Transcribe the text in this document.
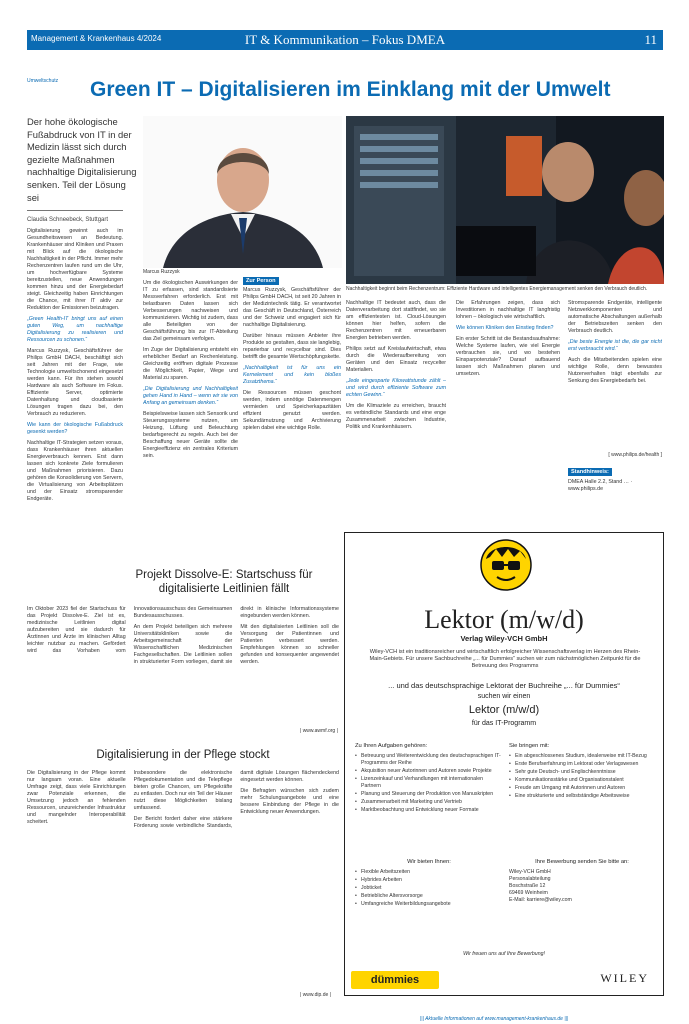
Management & Krankenhaus 4/2024	IT & Kommunikation – Fokus DMEA	11
Umweltschutz Green IT – Digitalisieren im Einklang mit der Umwelt
Der hohe ökologische Fußabdruck von IT in der Medizin lässt sich durch gezielte Maßnahmen nachhaltige Digitalisierung senken. Teil der Lösung sei
Claudia Schneebeck, Stuttgart
Marcus Ruzzysk
Nachhaltigkeit beginnt beim Rechenzentrum: Effiziente Hardware und intelligentes Energiemanagement senken den Verbrauch deutlich.

Digitalisierung gewinnt auch im Gesundheitswesen an Bedeutung. Krankenhäuser sind Kliniken und Praxen mit Blick auf die ökologische Nachhaltigkeit in der Pflicht. Immer mehr Rechenzentren laufen rund um die Uhr, um hochverfügbare Systeme bereitzustellen, neue Anwendungen kommen hinzu und der Energiebedarf steigt. Gleichzeitig haben Einrichtungen die Chance, mit ihrer IT aktiv zur Reduktion der Emissionen beizutragen.

„Green Health-IT bringt uns auf einen guten Weg, um nachhaltige Digitalisierung zu realisieren und Ressourcen zu schonen.“

Marcus Ruzzysk, Geschäftsführer der Philips GmbH DACH, beschäftigt sich seit Jahren mit der Frage, wie Technologie umweltschonend eingesetzt werden kann. Für ihn stehen sowohl Hardware als auch Software im Fokus. Effiziente Server, optimierte Datenhaltung und cloudbasierte Lösungen tragen dazu bei, den Verbrauch zu reduzieren.

Wie kann der ökologische Fußabdruck gesenkt werden?

Nachhaltige IT-Strategien setzen voraus, dass Krankenhäuser ihren aktuellen Energieverbrauch kennen. Erst dann lassen sich konkrete Ziele formulieren und Maßnahmen priorisieren. Dazu gehören die Konsolidierung von Servern, die Virtualisierung von Arbeitsplätzen und der Einsatz stromsparender Endgeräte.

Um die ökologischen Auswirkungen der IT zu erfassen, sind standardisierte Messverfahren erforderlich. Erst mit belastbaren Daten lassen sich Verbesserungen nachweisen und kommunizieren. Wichtig ist zudem, dass alle Beteiligten von der Geschäftsführung bis zur IT-Abteilung das Ziel gemeinsam verfolgen.

Im Zuge der Digitalisierung entsteht ein erheblicher Bedarf an Rechenleistung. Gleichzeitig eröffnen digitale Prozesse die Möglichkeit, Papier, Wege und Material zu sparen.

„Die Digitalisierung und Nachhaltigkeit gehen Hand in Hand – wenn wir sie von Anfang an gemeinsam denken.“

Beispielsweise lassen sich Sensorik und Steuerungssysteme nutzen, um Heizung, Lüftung und Beleuchtung bedarfsgerecht zu regeln. Auch bei der Beschaffung neuer Geräte sollte die Energieeffizienz ein zentrales Kriterium sein.

Zur Person

Marcus Ruzzysk, Geschäftsführer der Philips GmbH DACH, ist seit 20 Jahren in der Medizintechnik tätig. Er verantwortet das Geschäft in Deutschland, Österreich und der Schweiz und engagiert sich für nachhaltige Digitalisierung.

Darüber hinaus müssen Anbieter ihre Produkte so gestalten, dass sie langlebig, reparierbar und recycelbar sind. Dies betrifft die gesamte Wertschöpfungskette.

„Nachhaltigkeit ist für uns ein Kernelement und kein bloßes Zusatzthema.“

Die Ressourcen müssen geschont werden, indem unnötige Datenmengen vermieden und Speicherkapazitäten effizient genutzt werden. Sekundärnutzung und Archivierung spielen dabei eine wichtige Rolle.

Nachhaltige IT bedeutet auch, dass die Datenverarbeitung dort stattfindet, wo sie am effizientesten ist. Cloud-Lösungen können hier helfen, sofern die Rechenzentren mit erneuerbaren Energien betrieben werden.

Philips setzt auf Kreislaufwirtschaft, etwa durch die Wiederaufbereitung von Geräten und den Einsatz recycelter Materialien.

„Jede eingesparte Kilowattstunde zählt – und wird durch effiziente Software zum echten Gewinn.“

Um die Klimaziele zu erreichen, braucht es verbindliche Standards und eine enge Zusammenarbeit zwischen Industrie, Politik und Krankenhäusern.

Die Erfahrungen zeigen, dass sich Investitionen in nachhaltige IT langfristig lohnen – ökologisch wie wirtschaftlich.

Wie können Kliniken den Einstieg finden?

Ein erster Schritt ist die Bestandsaufnahme: Welche Systeme laufen, wie viel Energie verbrauchen sie, und wo bestehen Einsparpotenziale? Darauf aufbauend lassen sich Maßnahmen planen und umsetzen.

Stromsparende Endgeräte, intelligente Netzwerkkomponenten und automatische Abschaltungen außerhalb der Betriebszeiten senken den Verbrauch deutlich.

„Die beste Energie ist die, die gar nicht erst verbraucht wird.“

Auch die Mitarbeitenden spielen eine wichtige Rolle, denn bewusstes Nutzerverhalten trägt ebenfalls zur Senkung des Energiebedarfs bei.

[ www.philips.de/health ]
Standhinweis:
DMEA Halle 2.2, Stand … · www.philips.de
Projekt Dissolve-E: Startschuss für digitalisierte Leitlinien fällt

Im Oktober 2023 fiel der Startschuss für das Projekt Dissolve-E. Ziel ist es, medizinische Leitlinien digital aufzubereiten und sie dadurch für Ärztinnen und Ärzte im klinischen Alltag leichter nutzbar zu machen. Gefördert wird das Vorhaben vom Innovationsausschuss des Gemeinsamen Bundesausschusses.

An dem Projekt beteiligen sich mehrere Universitätskliniken sowie die Arbeitsgemeinschaft der Wissenschaftlichen Medizinischen Fachgesellschaften. Die Leitlinien sollen in strukturierter Form vorliegen, damit sie direkt in klinische Informationssysteme eingebunden werden können.

Mit den digitalisierten Leitlinien soll die Versorgung der Patientinnen und Patienten verbessert werden. Empfehlungen können so schneller gefunden und konsequenter angewendet werden.

| www.awmf.org |
Digitalisierung in der Pflege stockt

Die Digitalisierung in der Pflege kommt nur langsam voran. Eine aktuelle Umfrage zeigt, dass viele Einrichtungen zwar Potenziale erkennen, die Umsetzung jedoch an fehlenden Ressourcen, unzureichender Infrastruktur und mangelnder Interoperabilität scheitert.

Insbesondere die elektronische Pflegedokumentation und die Telepflege bieten große Chancen, um Pflegekräfte zu entlasten. Doch nur ein Teil der Häuser nutzt diese Möglichkeiten bislang umfassend.

Der Bericht fordert daher eine stärkere Förderung sowie verbindliche Standards, damit digitale Lösungen flächendeckend eingesetzt werden können.

Die Befragten wünschen sich zudem mehr Schulungsangebote und eine bessere Einbindung der Pflege in die Entwicklung neuer Anwendungen.

| www.dip.de |
Lektor (m/w/d)
Verlag Wiley-VCH GmbH
Wiley-VCH ist ein traditionsreicher und wirtschaftlich erfolgreicher Wissenschaftsverlag im Herzen des Rhein-Main-Gebiets. Für unsere Sachbuchreihe „... für Dummies“ suchen wir zum nächstmöglichen Zeitpunkt für die Betreuung des Programms
... und das deutschsprachige Lektorat der Buchreihe „... für Dummies“
suchen wir einen
Lektor (m/w/d)
für das IT-Programm
Zu Ihren Aufgaben gehören:
• Betreuung und Weiterentwicklung des deutschsprachigen IT-Programms der Reihe
• Akquisition neuer Autorinnen und Autoren sowie Projekte
• Lizenzeinkauf und Verhandlungen mit internationalen Partnern
• Planung und Steuerung der Produktion von Manuskripten
• Zusammenarbeit mit Marketing und Vertrieb
• Marktbeobachtung und Entwicklung neuer Formate
Sie bringen mit:
• Ein abgeschlossenes Studium, idealerweise mit IT-Bezug
• Erste Berufserfahrung im Lektorat oder Verlagswesen
• Sehr gute Deutsch- und Englischkenntnisse
• Kommunikationsstärke und Organisationstalent
• Freude am Umgang mit Autorinnen und Autoren
• Eine strukturierte und selbstständige Arbeitsweise
Wir bieten Ihnen:
• Flexible Arbeitszeiten
• Hybrides Arbeiten
• Jobticket
• Betriebliche Altersvorsorge
• Umfangreiche Weiterbildungsangebote
Ihre Bewerbung senden Sie bitte an:
Wiley-VCH GmbH
Personalabteilung
Boschstraße 12
69469 Weinheim
E-Mail: karriere@wiley.com
Wir freuen uns auf Ihre Bewerbung!
dümmies	WILEY
||| Aktuelle Informationen auf www.management-krankenhaus.de |||
